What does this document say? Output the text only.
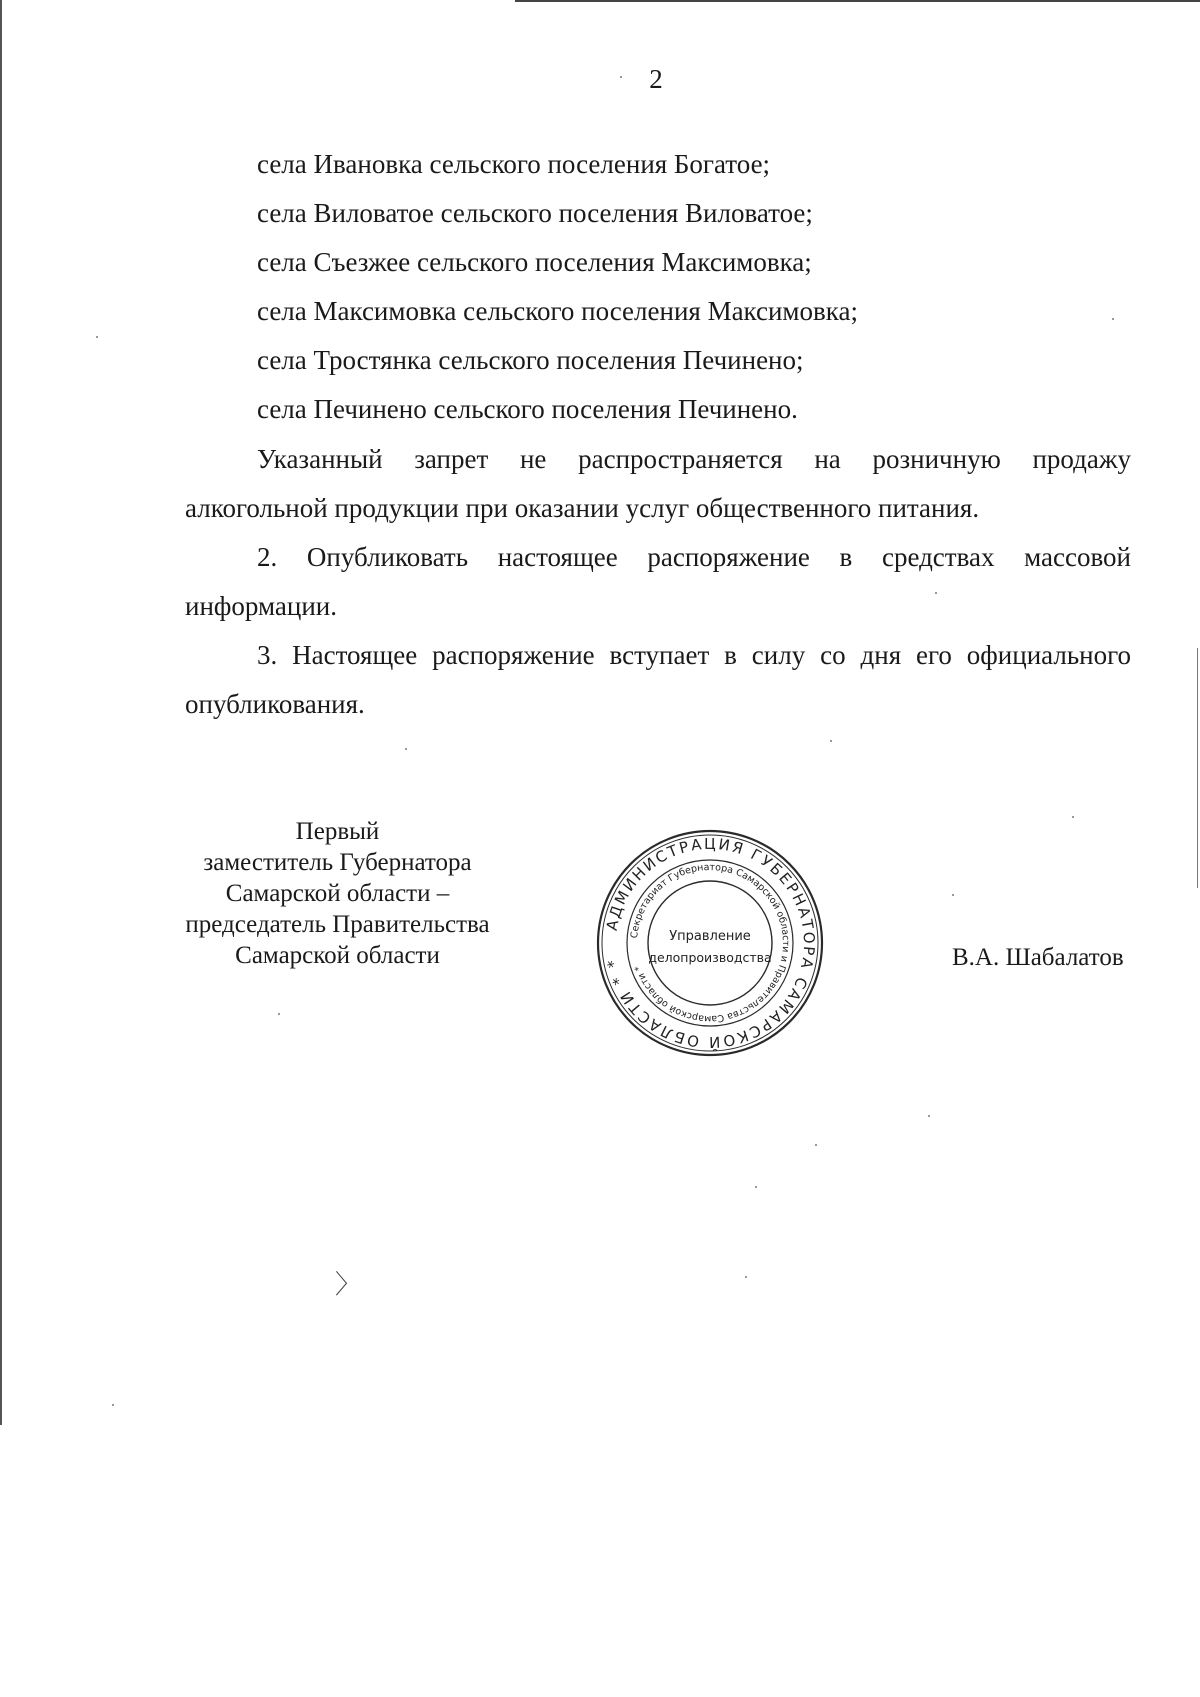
2
села Ивановка сельского поселения Богатое;
села Виловатое сельского поселения Виловатое;
села Съезжее сельского поселения Максимовка;
села Максимовка сельского поселения Максимовка;
села Тростянка сельского поселения Печинено;
села Печинено сельского поселения Печинено.
Указанный запрет не распространяется на розничную продажу
алкогольной продукции при оказании услуг общественного питания.
2. Опубликовать настоящее распоряжение в средствах массовой
информации.
3. Настоящее распоряжение вступает в силу со дня его официального
опубликования.
Первый
заместитель Губернатора
Самарской области –
председатель Правительства
Самарской области
АДМИНИСТРАЦИЯ ГУБЕРНАТОРА САМАРСКОЙ ОБЛАСТИ * *
Секретариат Губернатора Самарской области и Правительства Самарской области *
Управление
делопроизводства	В.А. Шабалатов
〉
